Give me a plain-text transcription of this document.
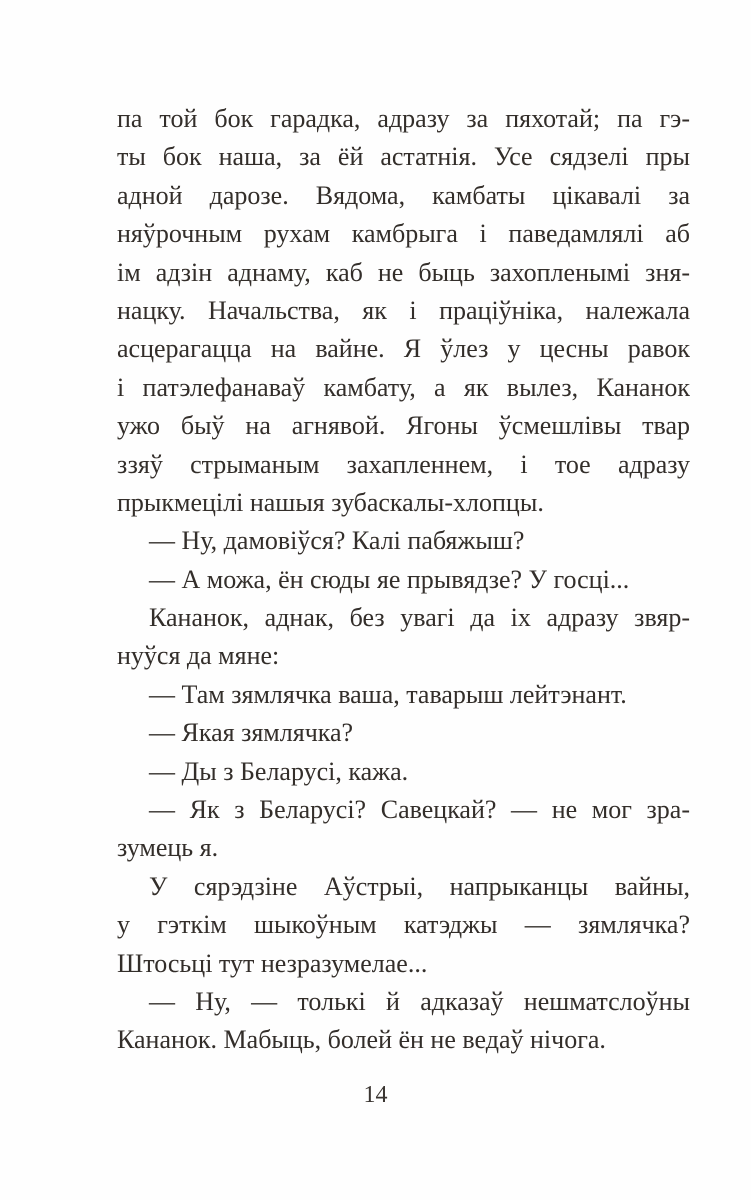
па той бок гарадка, адразу за пяхотай; па гэ-
ты бок наша, за ёй астатнія. Усе сядзелі пры
адной дарозе. Вядома, камбаты цікавалі за
няўрочным рухам камбрыга і паведамлялі аб
ім адзін аднаму, каб не быць захопленымі зня-
нацку. Начальства, як і праціўніка, належала
асцерагацца на вайне. Я ўлез у цесны равок
і патэлефанаваў камбату, а як вылез, Кананок
ужо быў на агнявой. Ягоны ўсмешлівы твар
ззяў стрыманым захапленнем, і тое адразу
прыкмецілі нашыя зубаскалы-хлопцы.
— Ну, дамовіўся? Калі пабяжыш?
— А можа, ён сюды яе прывядзе? У госці...
Кананок, аднак, без увагі да іх адразу звяр-
нуўся да мяне:
— Там зямлячка ваша, таварыш лейтэнант.
— Якая зямлячка?
— Ды з Беларусі, кажа.
— Як з Беларусі? Савецкай? — не мог зра-
зумець я.
У сярэдзіне Аўстрыі, напрыканцы вайны,
у гэткім шыкоўным катэджы — зямлячка?
Штосьці тут незразумелае...
— Ну, — толькі й адказаў нешматслоўны
Кананок. Мабыць, болей ён не ведаў нічога.
14
